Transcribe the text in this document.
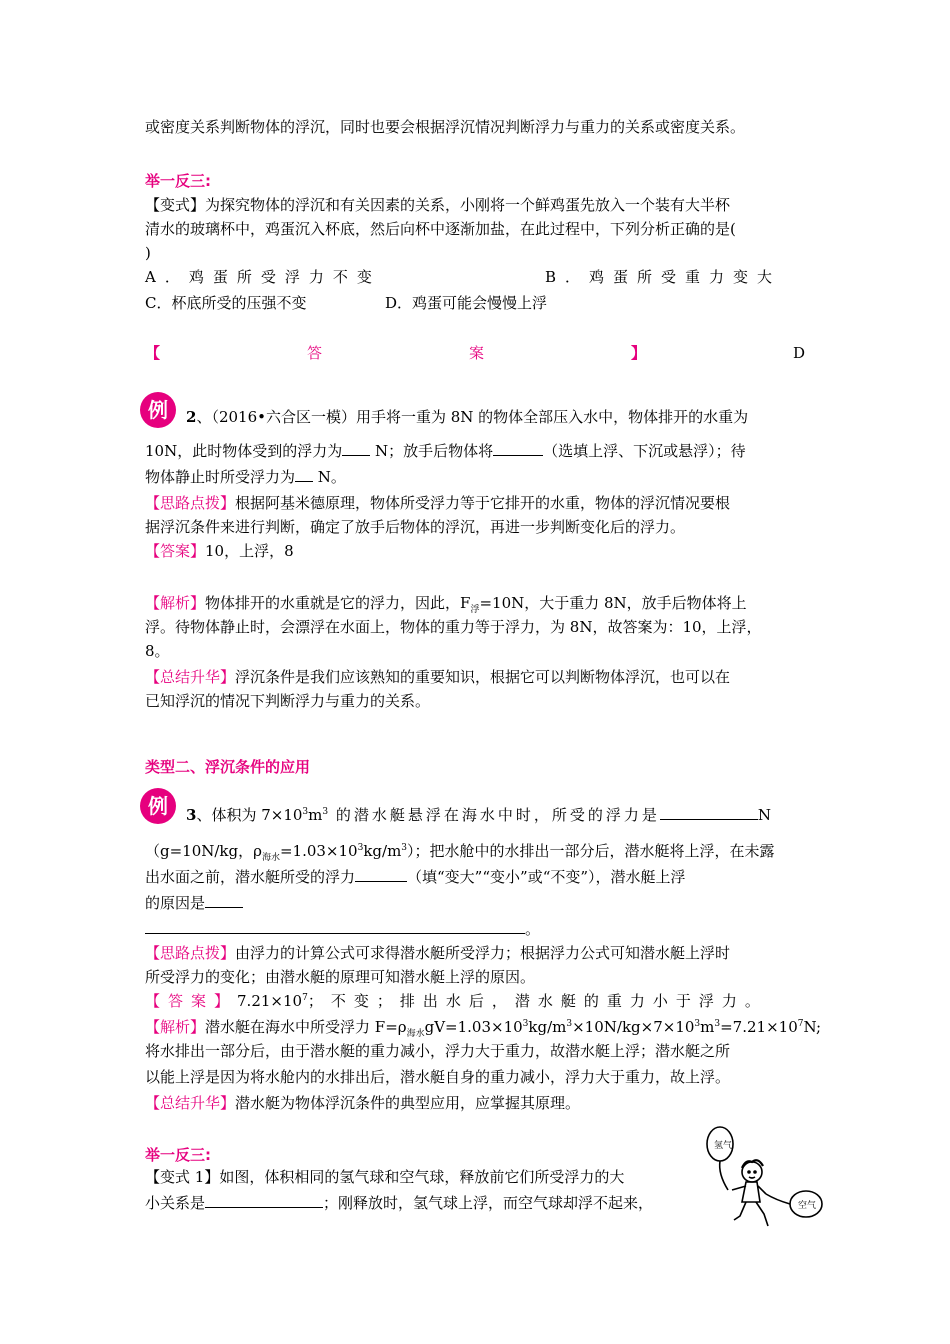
或密度关系判断物体的浮沉，同时也要会根据浮沉情况判断浮力与重力的关系或密度关系。
举一反三:
【变式】为探究物体的浮沉和有关因素的关系，小刚将一个鲜鸡蛋先放入一个装有大半杯
清水的玻璃杯中，鸡蛋沉入杯底，然后向杯中逐渐加盐，在此过程中，下列分析正确的是(
)
A．鸡蛋所受浮力不变	B．鸡蛋所受重力变大
C．杯底所受的压强不变	D．鸡蛋可能会慢慢上浮
【	答	案	】	D
例	2、（2016•六合区一模）用手将一重为 8N 的物体全部压入水中，物体排开的水重为
10N，此时物体受到的浮力为 N；放手后物体将	（选填上浮、下沉或悬浮）；待
物体静止时所受浮力为 N。
【思路点拨】根据阿基米德原理，物体所受浮力等于它排开的水重，物体的浮沉情况要根
据浮沉条件来进行判断，确定了放手后物体的浮沉，再进一步判断变化后的浮力。
【答案】10，上浮，8
【解析】物体排开的水重就是它的浮力，因此，$F_浮=10N$，大于重力 8N，放手后物体将上
浮。待物体静止时，会漂浮在水面上，物体的重力等于浮力，为 8N，故答案为：10，上浮，
8。
【总结升华】浮沉条件是我们应该熟知的重要知识，根据它可以判断物体浮沉，也可以在
已知浮沉的情况下判断浮力与重力的关系。
类型二、浮沉条件的应用
例	3、体积为 $7\times 10^3m^3$ 的潜水艇悬浮在海水中时，所受的浮力是	N
（g=10N/kg，$\rho_{海水}=1.03\times 10^3kg/m^3$）；把水舱中的水排出一部分后，潜水艇将上浮，在未露
出水面之前，潜水艇所受的浮力	（填“变大”“变小”或“不变”），潜水艇上浮
的原因是
。
【思路点拨】由浮力的计算公式可求得潜水艇所受浮力；根据浮力公式可知潜水艇上浮时
所受浮力的变化；由潜水艇的原理可知潜水艇上浮的原因。
【答案】$7.21\times 10^7$；不变；排出水后，潜水艇的重力小于浮力。
【解析】潜水艇在海水中所受浮力 $F=\rho_{海水}gV=1.03\times 10^3kg/m^3\times 10N/kg\times 7\times 10^3m^3=7.21\times 10^7N$;
将水排出一部分后，由于潜水艇的重力减小，浮力大于重力，故潜水艇上浮；潜水艇之所
以能上浮是因为将水舱内的水排出后，潜水艇自身的重力减小，浮力大于重力，故上浮。
【总结升华】潜水艇为物体浮沉条件的典型应用，应掌握其原理。
举一反三:
【变式 1】如图，体积相同的氢气球和空气球，释放前它们所受浮力的大
小关系是	；刚释放时，氢气球上浮，而空气球却浮不起来，
氢气
空气
